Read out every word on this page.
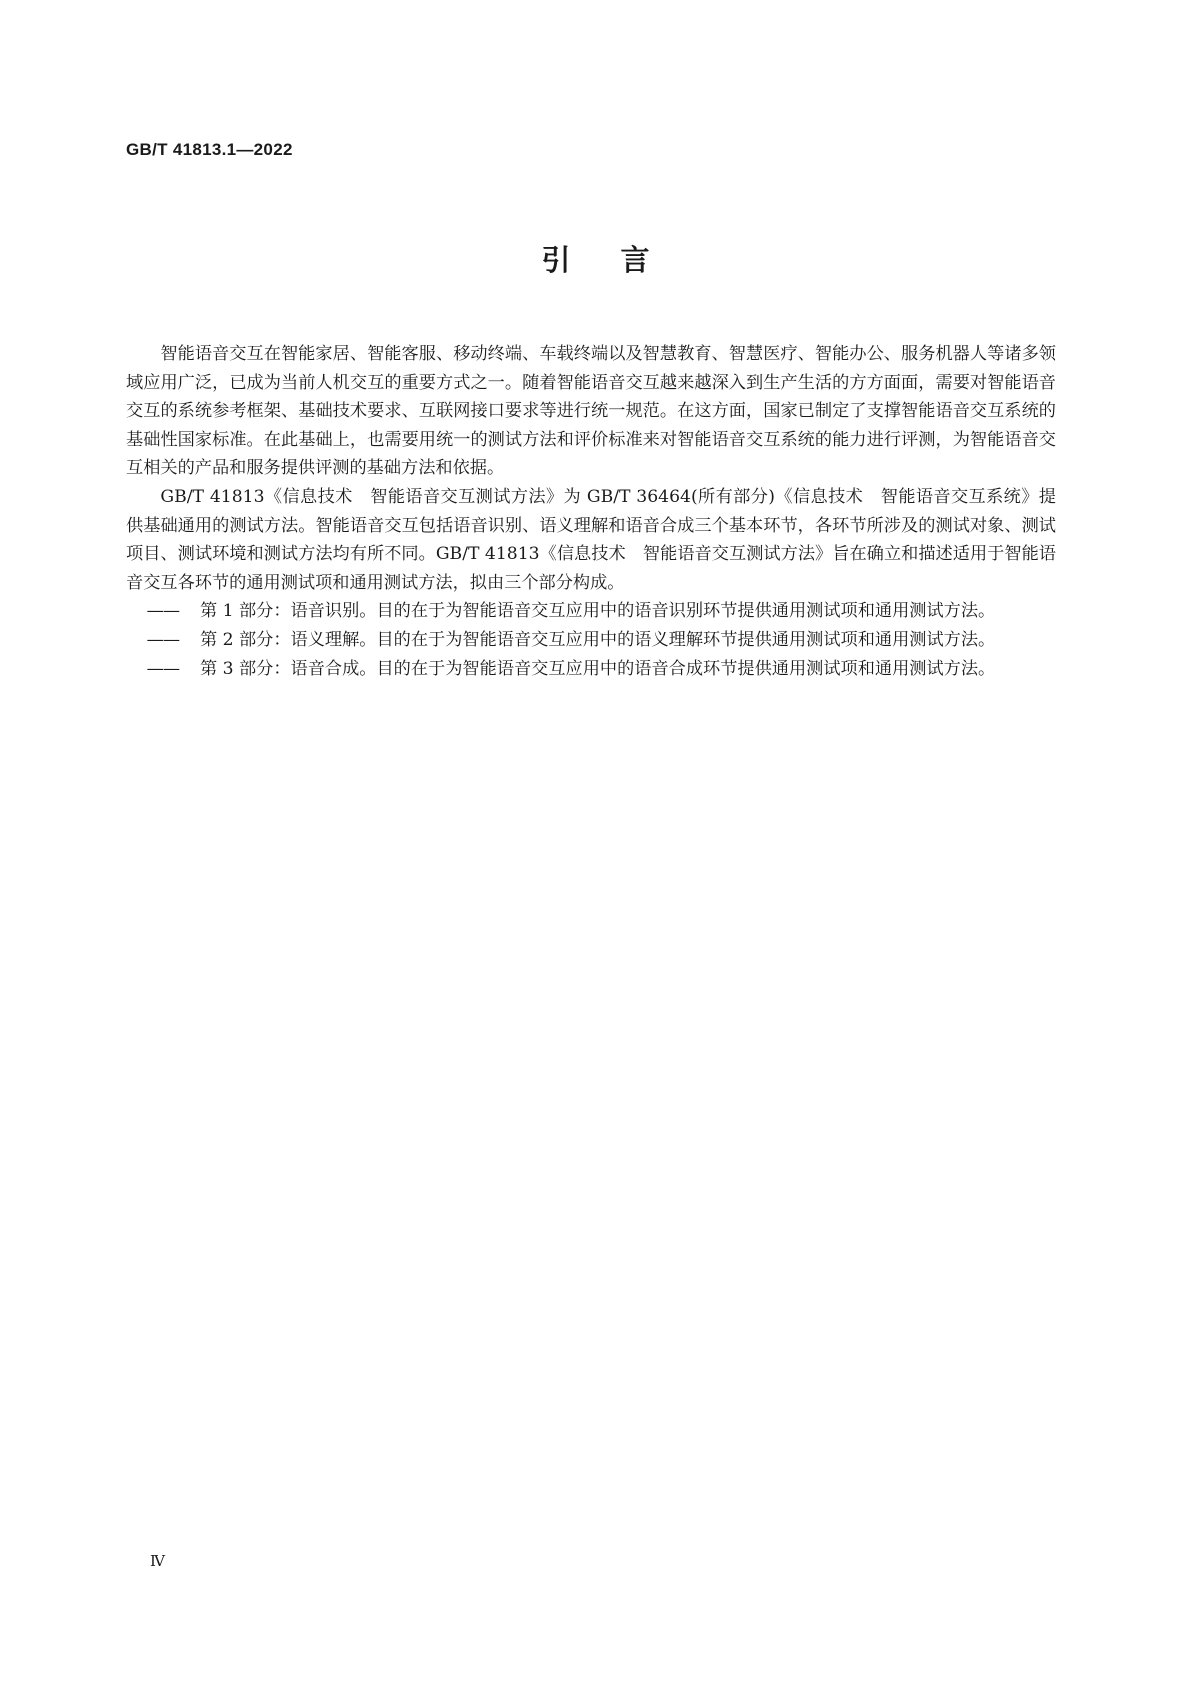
GB/T 41813.1—2022
引言

智能语音交互在智能家居、智能客服、移动终端、车载终端以及智慧教育、智慧医疗、智能办公、服务机器人等诸多领域应用广泛，已成为当前人机交互的重要方式之一。随着智能语音交互越来越深入到生产生活的方方面面，需要对智能语音交互的系统参考框架、基础技术要求、互联网接口要求等进行统一规范。在这方面，国家已制定了支撑智能语音交互系统的基础性国家标准。在此基础上，也需要用统一的测试方法和评价标准来对智能语音交互系统的能力进行评测，为智能语音交互相关的产品和服务提供评测的基础方法和依据。

GB/T 41813《信息技术　智能语音交互测试方法》为 GB/T 36464(所有部分)《信息技术　智能语音交互系统》提供基础通用的测试方法。智能语音交互包括语音识别、语义理解和语音合成三个基本环节，各环节所涉及的测试对象、测试项目、测试环境和测试方法均有所不同。GB/T 41813《信息技术　智能语音交互测试方法》旨在确立和描述适用于智能语音交互各环节的通用测试项和通用测试方法，拟由三个部分构成。

——	第 1 部分：语音识别。目的在于为智能语音交互应用中的语音识别环节提供通用测试项和通用测试方法。
——	第 2 部分：语义理解。目的在于为智能语音交互应用中的语义理解环节提供通用测试项和通用测试方法。
——	第 3 部分：语音合成。目的在于为智能语音交互应用中的语音合成环节提供通用测试项和通用测试方法。
Ⅳ
